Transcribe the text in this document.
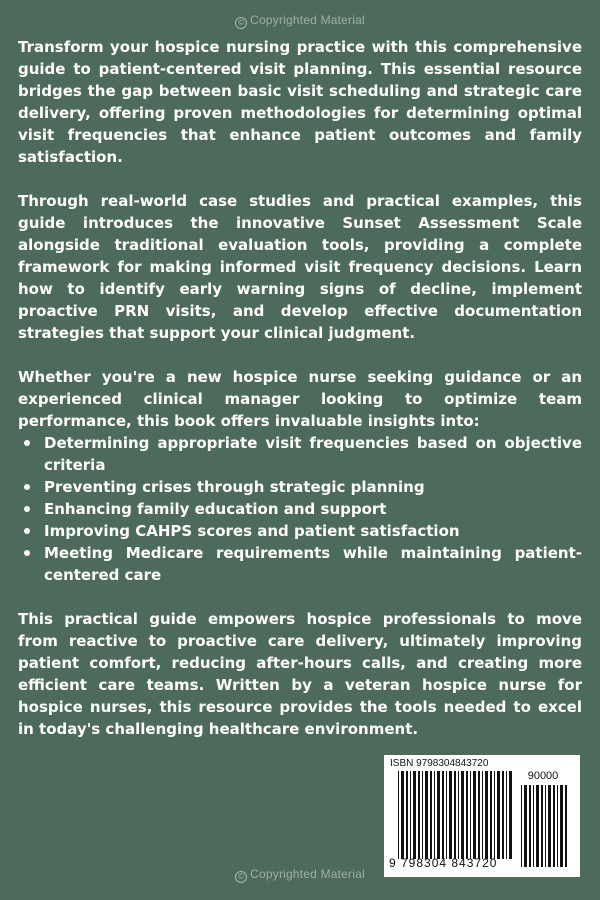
© Copyrighted Material

Transform your hospice nursing practice with this comprehensive guide to patient-centered visit planning. This essential resource bridges the gap between basic visit scheduling and strategic care delivery, offering proven methodologies for determining optimal visit frequencies that enhance patient outcomes and family satisfaction.

Through real-world case studies and practical examples, this guide introduces the innovative Sunset Assessment Scale alongside traditional evaluation tools, providing a complete framework for making informed visit frequency decisions. Learn how to identify early warning signs of decline, implement proactive PRN visits, and develop effective documentation strategies that support your clinical judgment.

Whether you're a new hospice nurse seeking guidance or an experienced clinical manager looking to optimize team performance, this book offers invaluable insights into:

Determining appropriate visit frequencies based on objective criteria
Preventing crises through strategic planning
Enhancing family education and support
Improving CAHPS scores and patient satisfaction
Meeting Medicare requirements while maintaining patient-centered care

This practical guide empowers hospice professionals to move from reactive to proactive care delivery, ultimately improving patient comfort, reducing after-hours calls, and creating more efficient care teams. Written by a veteran hospice nurse for hospice nurses, this resource provides the tools needed to excel in today's challenging healthcare environment.

ISBN 9798304843720
90000
9 798304 843720
© Copyrighted Material
